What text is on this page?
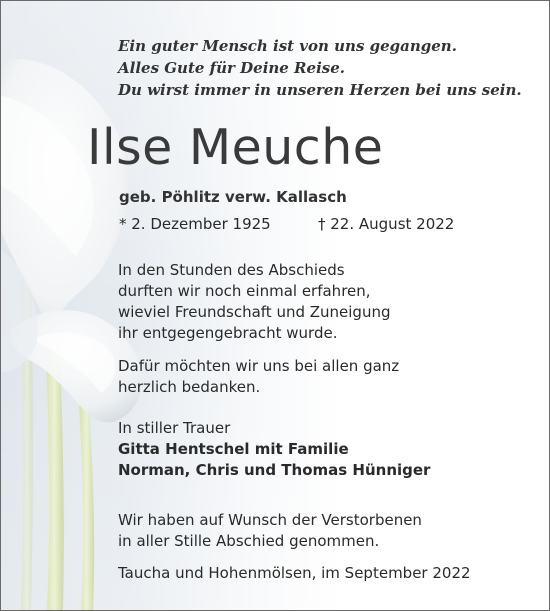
Ein guter Mensch ist von uns gegangen.
Alles Gute für Deine Reise.
Du wirst immer in unseren Herzen bei uns sein.
Ilse Meuche
geb. Pöhlitz verw. Kallasch
* 2. Dezember 1925	† 22. August 2022
In den Stunden des Abschieds
durften wir noch einmal erfahren,
wieviel Freundschaft und Zuneigung
ihr entgegengebracht wurde.
Dafür möchten wir uns bei allen ganz
herzlich bedanken.
In stiller Trauer
Gitta Hentschel mit Familie
Norman, Chris und Thomas Hünniger
Wir haben auf Wunsch der Verstorbenen
in aller Stille Abschied genommen.
Taucha und Hohenmölsen, im September 2022
